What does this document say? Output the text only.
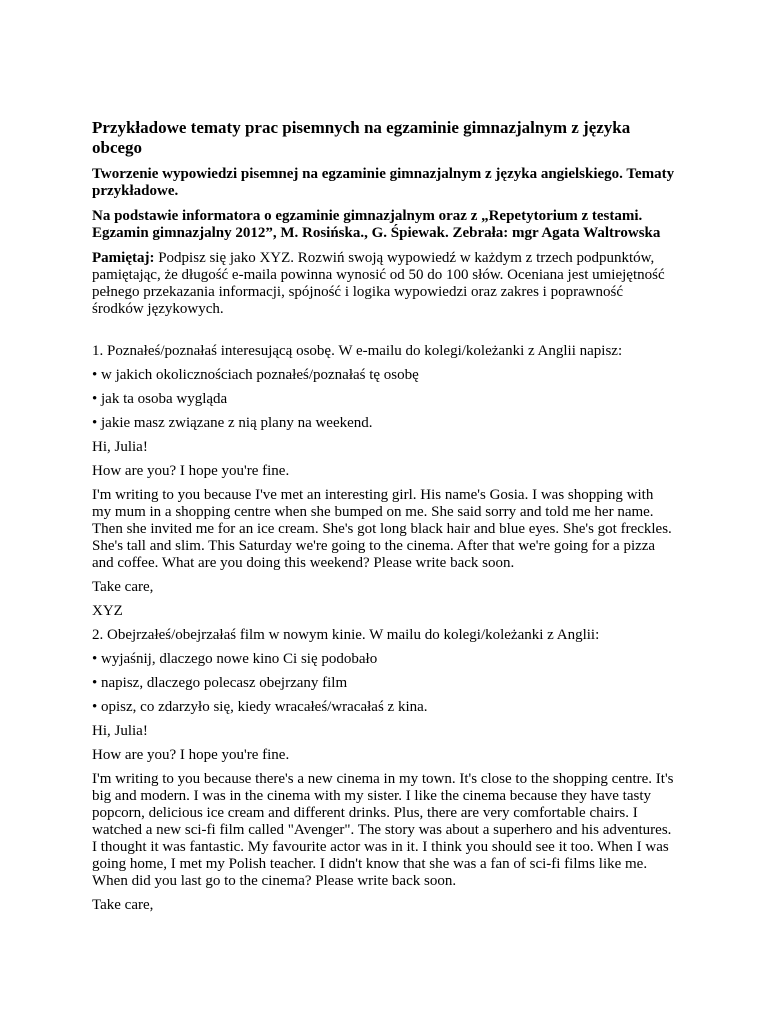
Przykładowe tematy prac pisemnych na egzaminie gimnazjalnym z języka obcego
Tworzenie wypowiedzi pisemnej na egzaminie gimnazjalnym z języka angielskiego. Tematy przykładowe.
Na podstawie informatora o egzaminie gimnazjalnym oraz z „Repetytorium z testami. Egzamin gimnazjalny 2012”, M. Rosińska., G. Śpiewak. Zebrała: mgr Agata Waltrowska
Pamiętaj: Podpisz się jako XYZ. Rozwiń swoją wypowiedź w każdym z trzech podpunktów, pamiętając, że długość e-maila powinna wynosić od 50 do 100 słów. Oceniana jest umiejętność pełnego przekazania informacji, spójność i logika wypowiedzi oraz zakres i poprawność środków językowych.
1. Poznałeś/poznałaś interesującą osobę. W e-mailu do kolegi/koleżanki z Anglii napisz:
• w jakich okolicznościach poznałeś/poznałaś tę osobę
• jak ta osoba wygląda
• jakie masz związane z nią plany na weekend.
Hi, Julia!
How are you? I hope you're fine.
I'm writing to you because I've met an interesting girl. His name's Gosia. I was shopping with my mum in a shopping centre when she bumped on me. She said sorry and told me her name. Then she invited me for an ice cream. She's got long black hair and blue eyes. She's got freckles. She's tall and slim. This Saturday we're going to the cinema. After that we're going for a pizza and coffee. What are you doing this weekend? Please write back soon.
Take care,
XYZ
2. Obejrzałeś/obejrzałaś film w nowym kinie. W mailu do kolegi/koleżanki z Anglii:
• wyjaśnij, dlaczego nowe kino Ci się podobało
• napisz, dlaczego polecasz obejrzany film
• opisz, co zdarzyło się, kiedy wracałeś/wracałaś z kina.
Hi, Julia!
How are you? I hope you're fine.
I'm writing to you because there's a new cinema in my town. It's close to the shopping centre. It's big and modern. I was in the cinema with my sister. I like the cinema because they have tasty popcorn, delicious ice cream and different drinks. Plus, there are very comfortable chairs. I watched a new sci-fi film called "Avenger". The story was about a superhero and his adventures. I thought it was fantastic. My favourite actor was in it. I think you should see it too. When I was going home, I met my Polish teacher. I didn't know that she was a fan of sci-fi films like me. When did you last go to the cinema? Please write back soon.
Take care,
